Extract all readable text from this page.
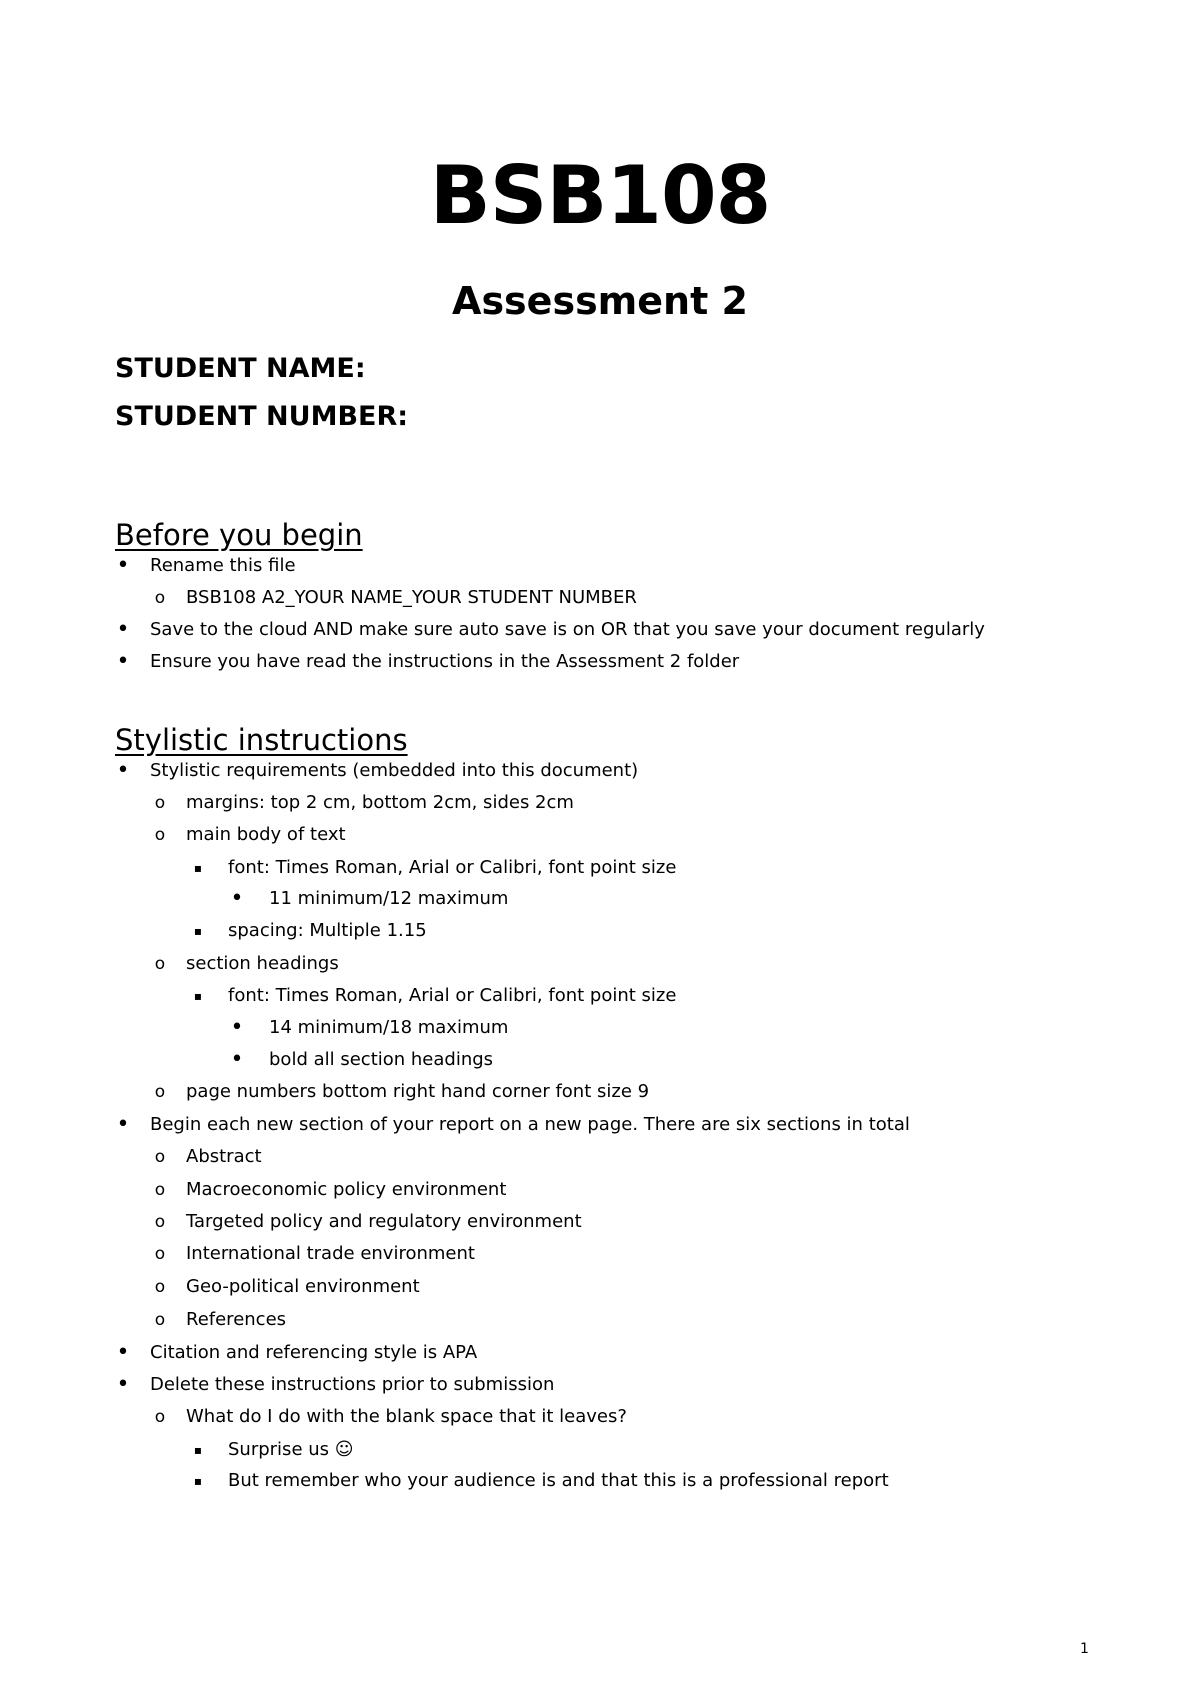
BSB108
Assessment 2
STUDENT NAME:
STUDENT NUMBER:
Before you begin
• Rename this file
o BSB108 A2_YOUR NAME_YOUR STUDENT NUMBER
• Save to the cloud AND make sure auto save is on OR that you save your document regularly
• Ensure you have read the instructions in the Assessment 2 folder
Stylistic instructions
• Stylistic requirements (embedded into this document)
o margins: top 2 cm, bottom 2cm, sides 2cm
o main body of text
▪ font: Times Roman, Arial or Calibri, font point size
• 11 minimum/12 maximum
▪ spacing: Multiple 1.15
o section headings
▪ font: Times Roman, Arial or Calibri, font point size
• 14 minimum/18 maximum
• bold all section headings
o page numbers bottom right hand corner font size 9
• Begin each new section of your report on a new page. There are six sections in total
o Abstract
o Macroeconomic policy environment
o Targeted policy and regulatory environment
o International trade environment
o Geo-political environment
o References
• Citation and referencing style is APA
• Delete these instructions prior to submission
o What do I do with the blank space that it leaves?
▪ Surprise us ☺
▪ But remember who your audience is and that this is a professional report
1
